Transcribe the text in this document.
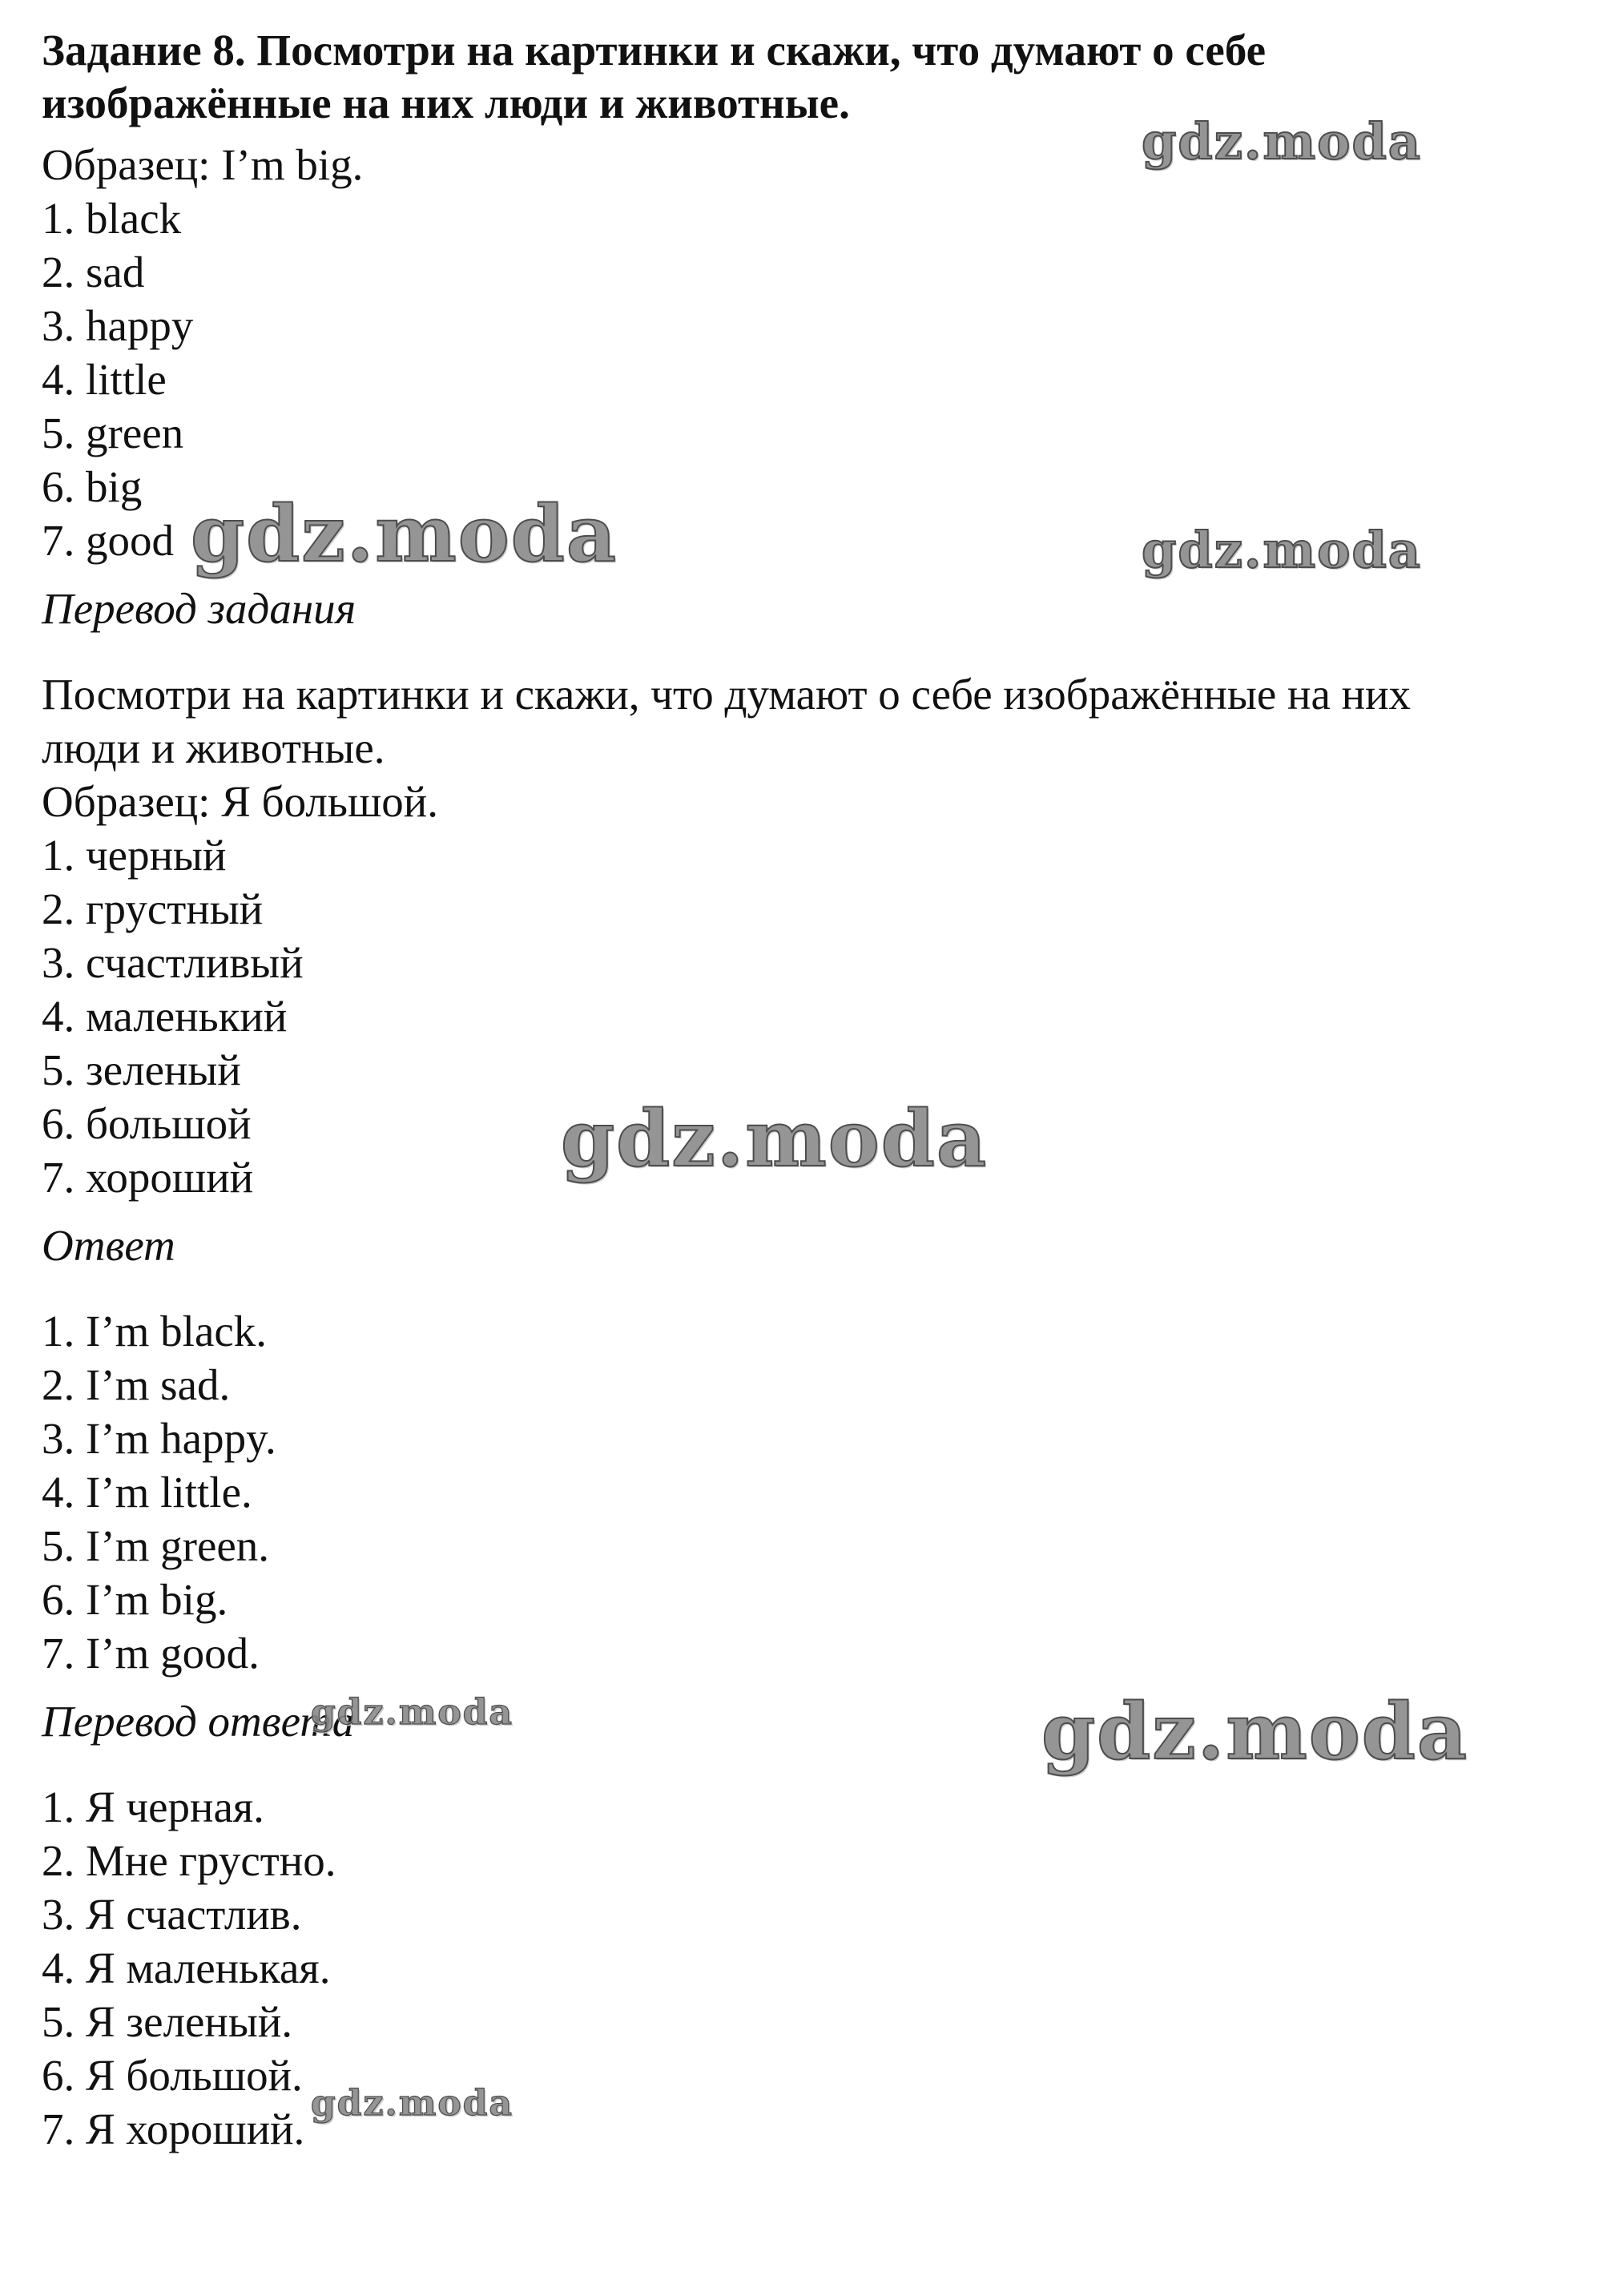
Задание 8. Посмотри на картинки и скажи, что думают о себе
изображённые на них люди и животные.
Образец: I’m big.
1. black
2. sad
3. happy
4. little
5. green
6. big
7. good
Перевод задания
Посмотри на картинки и скажи, что думают о себе изображённые на них
люди и животные.
Образец: Я большой.
1. черный
2. грустный
3. счастливый
4. маленький
5. зеленый
6. большой
7. хороший
Ответ
1. I’m black.
2. I’m sad.
3. I’m happy.
4. I’m little.
5. I’m green.
6. I’m big.
7. I’m good.
Перевод ответа
1. Я черная.
2. Мне грустно.
3. Я счастлив.
4. Я маленькая.
5. Я зеленый.
6. Я большой.
7. Я хороший.
gdz.moda
gdz.moda	gdz.moda
gdz.moda
gdz.moda	gdz.moda
gdz.moda
